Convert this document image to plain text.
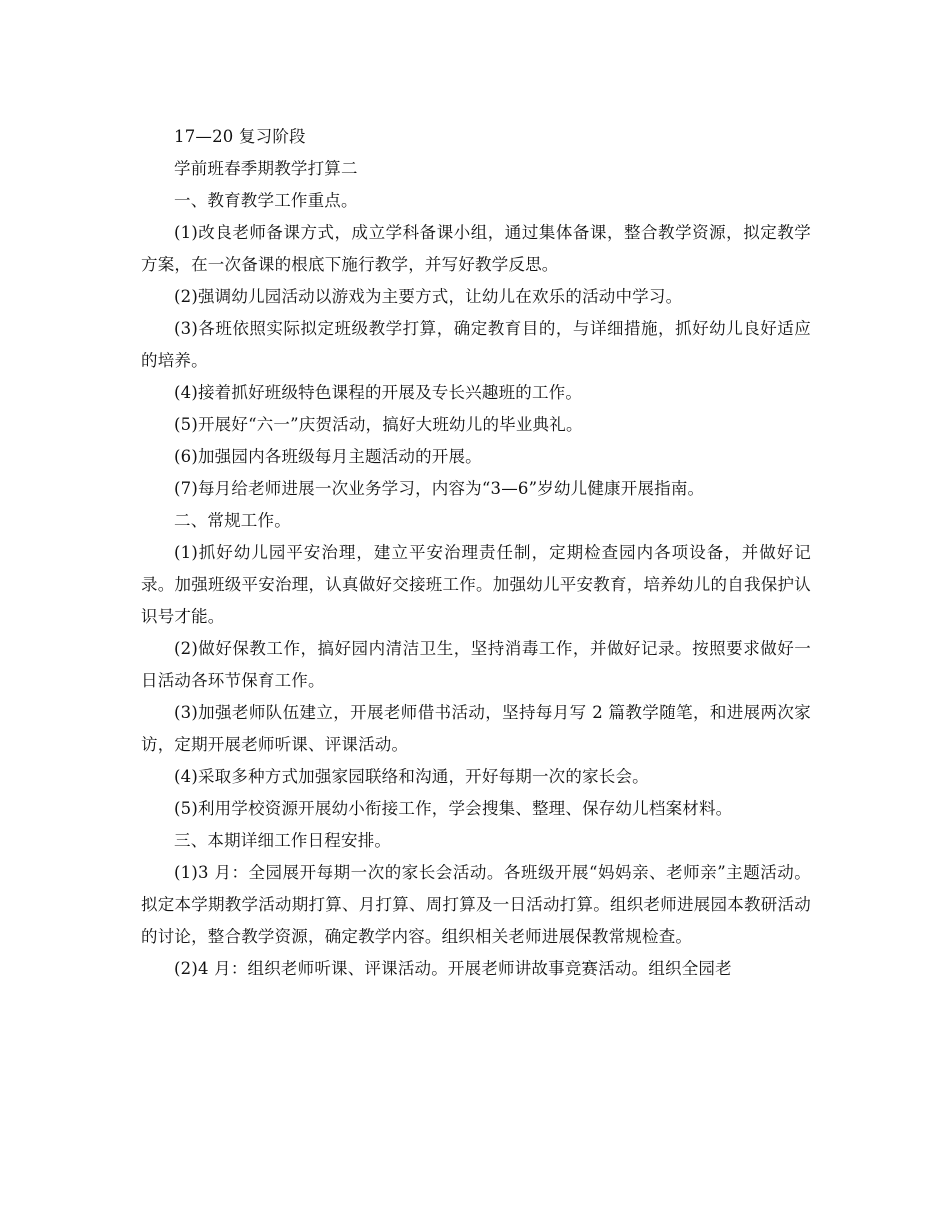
17—20 复习阶段

学前班春季期教学打算二

一、教育教学工作重点。

(1)改良老师备课方式，成立学科备课小组，通过集体备课，整合教学资源，拟定教学方案，在一次备课的根底下施行教学，并写好教学反思。

(2)强调幼儿园活动以游戏为主要方式，让幼儿在欢乐的活动中学习。

(3)各班依照实际拟定班级教学打算，确定教育目的，与详细措施，抓好幼儿良好适应的培养。

(4)接着抓好班级特色课程的开展及专长兴趣班的工作。

(5)开展好“六一”庆贺活动，搞好大班幼儿的毕业典礼。

(6)加强园内各班级每月主题活动的开展。

(7)每月给老师进展一次业务学习，内容为“3—6”岁幼儿健康开展指南。

二、常规工作。

(1)抓好幼儿园平安治理，建立平安治理责任制，定期检查园内各项设备，并做好记录。加强班级平安治理，认真做好交接班工作。加强幼儿平安教育，培养幼儿的自我保护认识号才能。

(2)做好保教工作，搞好园内清洁卫生，坚持消毒工作，并做好记录。按照要求做好一日活动各环节保育工作。

(3)加强老师队伍建立，开展老师借书活动，坚持每月写 2 篇教学随笔，和进展两次家访，定期开展老师听课、评课活动。

(4)采取多种方式加强家园联络和沟通，开好每期一次的家长会。

(5)利用学校资源开展幼小衔接工作，学会搜集、整理、保存幼儿档案材料。

三、本期详细工作日程安排。

(1)3 月：全园展开每期一次的家长会活动。各班级开展“妈妈亲、老师亲”主题活动。拟定本学期教学活动期打算、月打算、周打算及一日活动打算。组织老师进展园本教研活动的讨论，整合教学资源，确定教学内容。组织相关老师进展保教常规检查。

(2)4 月：组织老师听课、评课活动。开展老师讲故事竞赛活动。组织全园老
